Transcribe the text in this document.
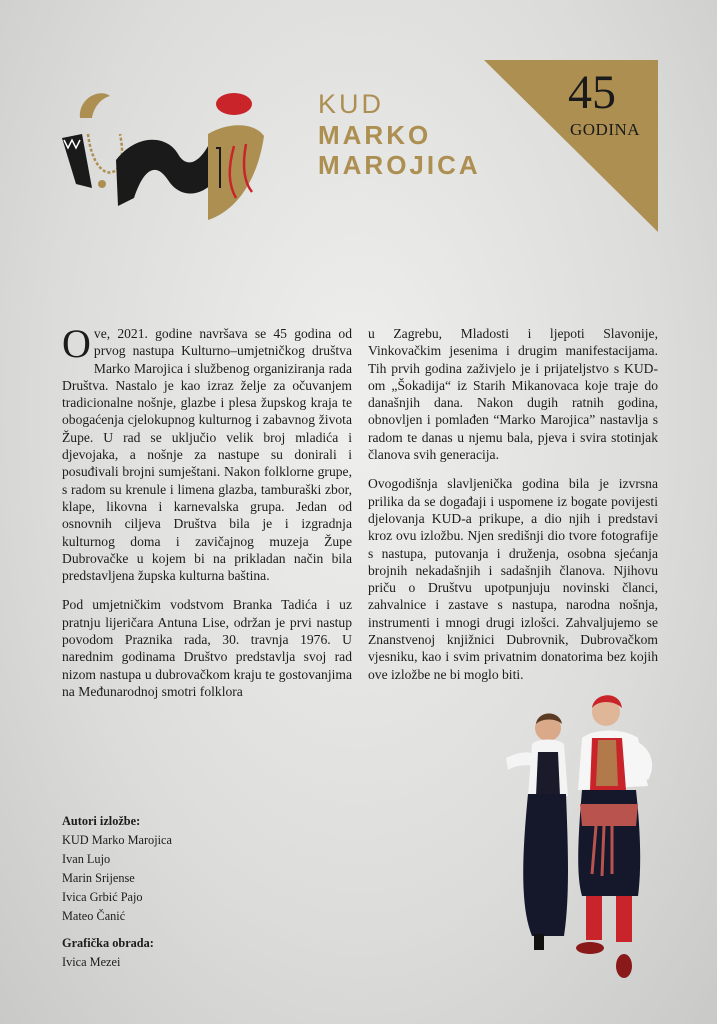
KUD
MARKO
MAROJICA
45
GODINA

Ove, 2021. godine navršava se 45 godina od prvog nastupa Kulturno–umjetničkog društva Marko Marojica i službenog organiziranja rada Društva. Nastalo je kao izraz želje za očuvanjem tradicionalne nošnje, glazbe i plesa župskog kraja te obogaćenja cjelokupnog kulturnog i zabavnog života Župe. U rad se uključio velik broj mladića i djevojaka, a nošnje za nastupe su donirali i posuđivali brojni sumještani. Nakon folklorne grupe, s radom su krenule i limena glazba, tamburaški zbor, klape, likovna i karnevalska grupa. Jedan od osnovnih ciljeva Društva bila je i izgradnja kulturnog doma i zavičajnog muzeja Župe Dubrovačke u kojem bi na prikladan način bila predstavljena župska kulturna baština.

Pod umjetničkim vodstvom Branka Tadića i uz pratnju lijeričara Antuna Lise, održan je prvi nastup povodom Praznika rada, 30. travnja 1976. U narednim godinama Društvo predstavlja svoj rad nizom nastupa u dubrovačkom kraju te gostovanjima na Međunarodnoj smotri folklora

u Zagrebu, Mladosti i ljepoti Slavonije, Vinkovačkim jesenima i drugim manifestacijama. Tih prvih godina zaživjelo je i prijateljstvo s KUD-om „Šokadija“ iz Starih Mikanovaca koje traje do današnjih dana. Nakon dugih ratnih godina, obnovljen i pomlađen “Marko Marojica” nastavlja s radom te danas u njemu bala, pjeva i svira stotinjak članova svih generacija.

Ovogodišnja slavljenička godina bila je izvrsna prilika da se događaji i uspomene iz bogate povijesti djelovanja KUD-a prikupe, a dio njih i predstavi kroz ovu izložbu. Njen središnji dio tvore fotografije s nastupa, putovanja i druženja, osobna sjećanja brojnih nekadašnjih i sadašnjih članova. Njihovu priču o Društvu upotpunjuju novinski članci, zahvalnice i zastave s nastupa, narodna nošnja, instrumenti i mnogi drugi izlošci. Zahvaljujemo se Znanstvenoj knjižnici Dubrovnik, Dubrovačkom vjesniku, kao i svim privatnim donatorima bez kojih ove izložbe ne bi moglo biti.

Autori izložbe:
KUD Marko Marojica
Ivan Lujo
Marin Srijense
Ivica Grbić Pajo
Mateo Čanić
Grafička obrada:
Ivica Mezei
